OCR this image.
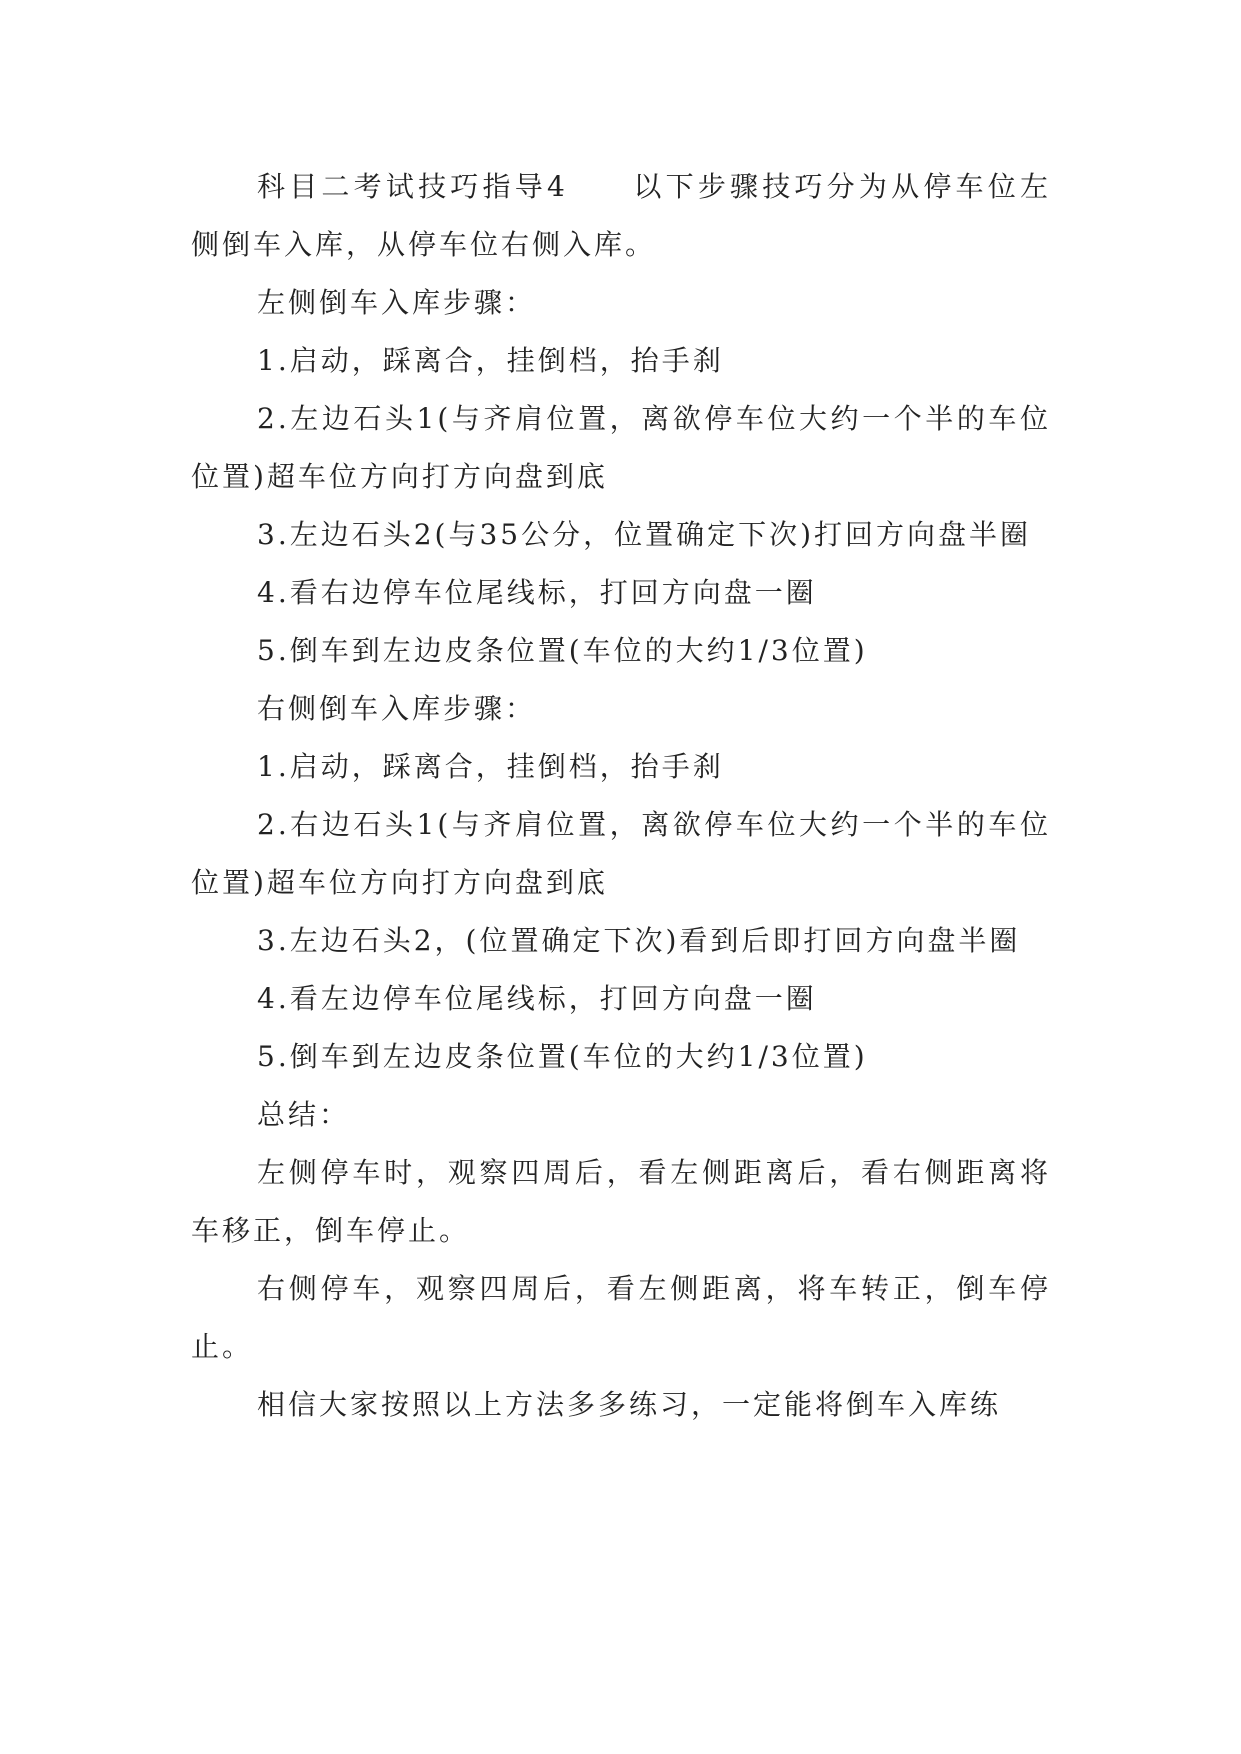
科目二考试技巧指导4　　以下步骤技巧分为从停车位左侧倒车入库，从停车位右侧入库。

左侧倒车入库步骤：

1.启动，踩离合，挂倒档，抬手刹

2.左边石头1(与齐肩位置，离欲停车位大约一个半的车位位置)超车位方向打方向盘到底

3.左边石头2(与35公分，位置确定下次)打回方向盘半圈

4.看右边停车位尾线标，打回方向盘一圈

5.倒车到左边皮条位置(车位的大约1/3位置)

右侧倒车入库步骤：

1.启动，踩离合，挂倒档，抬手刹

2.右边石头1(与齐肩位置，离欲停车位大约一个半的车位位置)超车位方向打方向盘到底

3.左边石头2，(位置确定下次)看到后即打回方向盘半圈

4.看左边停车位尾线标，打回方向盘一圈

5.倒车到左边皮条位置(车位的大约1/3位置)

总结：

左侧停车时，观察四周后，看左侧距离后，看右侧距离将车移正，倒车停止。

右侧停车，观察四周后，看左侧距离，将车转正，倒车停止。

相信大家按照以上方法多多练习，一定能将倒车入库练
